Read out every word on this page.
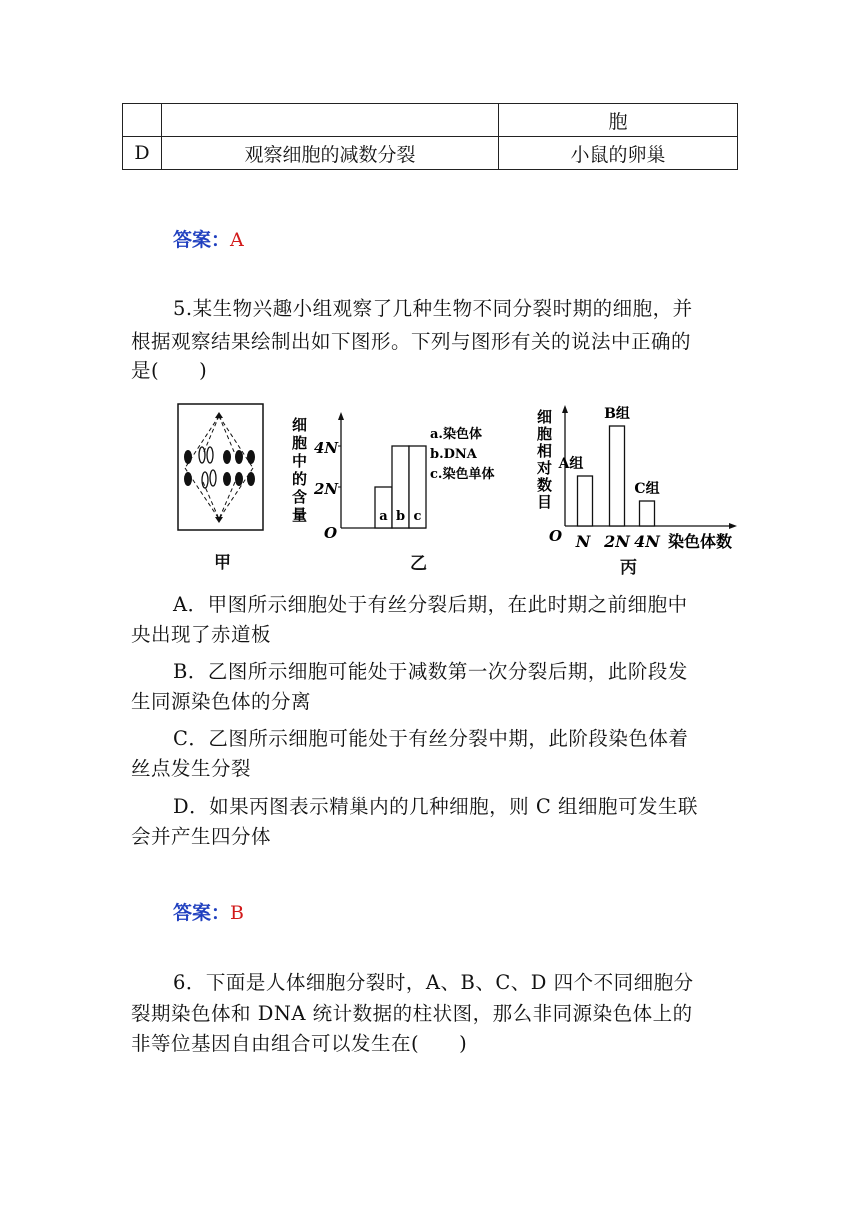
		胞
D	观察细胞的减数分裂	小鼠的卵巢
答案：A
5.某生物兴趣小组观察了几种生物不同分裂时期的细胞，并
根据观察结果绘制出如下图形。下列与图形有关的说法中正确的
是(　　)
甲
细
胞
中
的
含
量
4N
2N
O
a b c
a.染色体
b.DNA
c.染色单体
乙
细
胞
相
对
数
目
O
A组
N
B组
2N
C组
4N 染色体数
丙
A．甲图所示细胞处于有丝分裂后期，在此时期之前细胞中
央出现了赤道板
B．乙图所示细胞可能处于减数第一次分裂后期，此阶段发
生同源染色体的分离
C．乙图所示细胞可能处于有丝分裂中期，此阶段染色体着
丝点发生分裂
D．如果丙图表示精巢内的几种细胞，则 C 组细胞可发生联
会并产生四分体
答案：B
6．下面是人体细胞分裂时，A、B、C、D 四个不同细胞分
裂期染色体和 DNA 统计数据的柱状图，那么非同源染色体上的
非等位基因自由组合可以发生在(　　)
